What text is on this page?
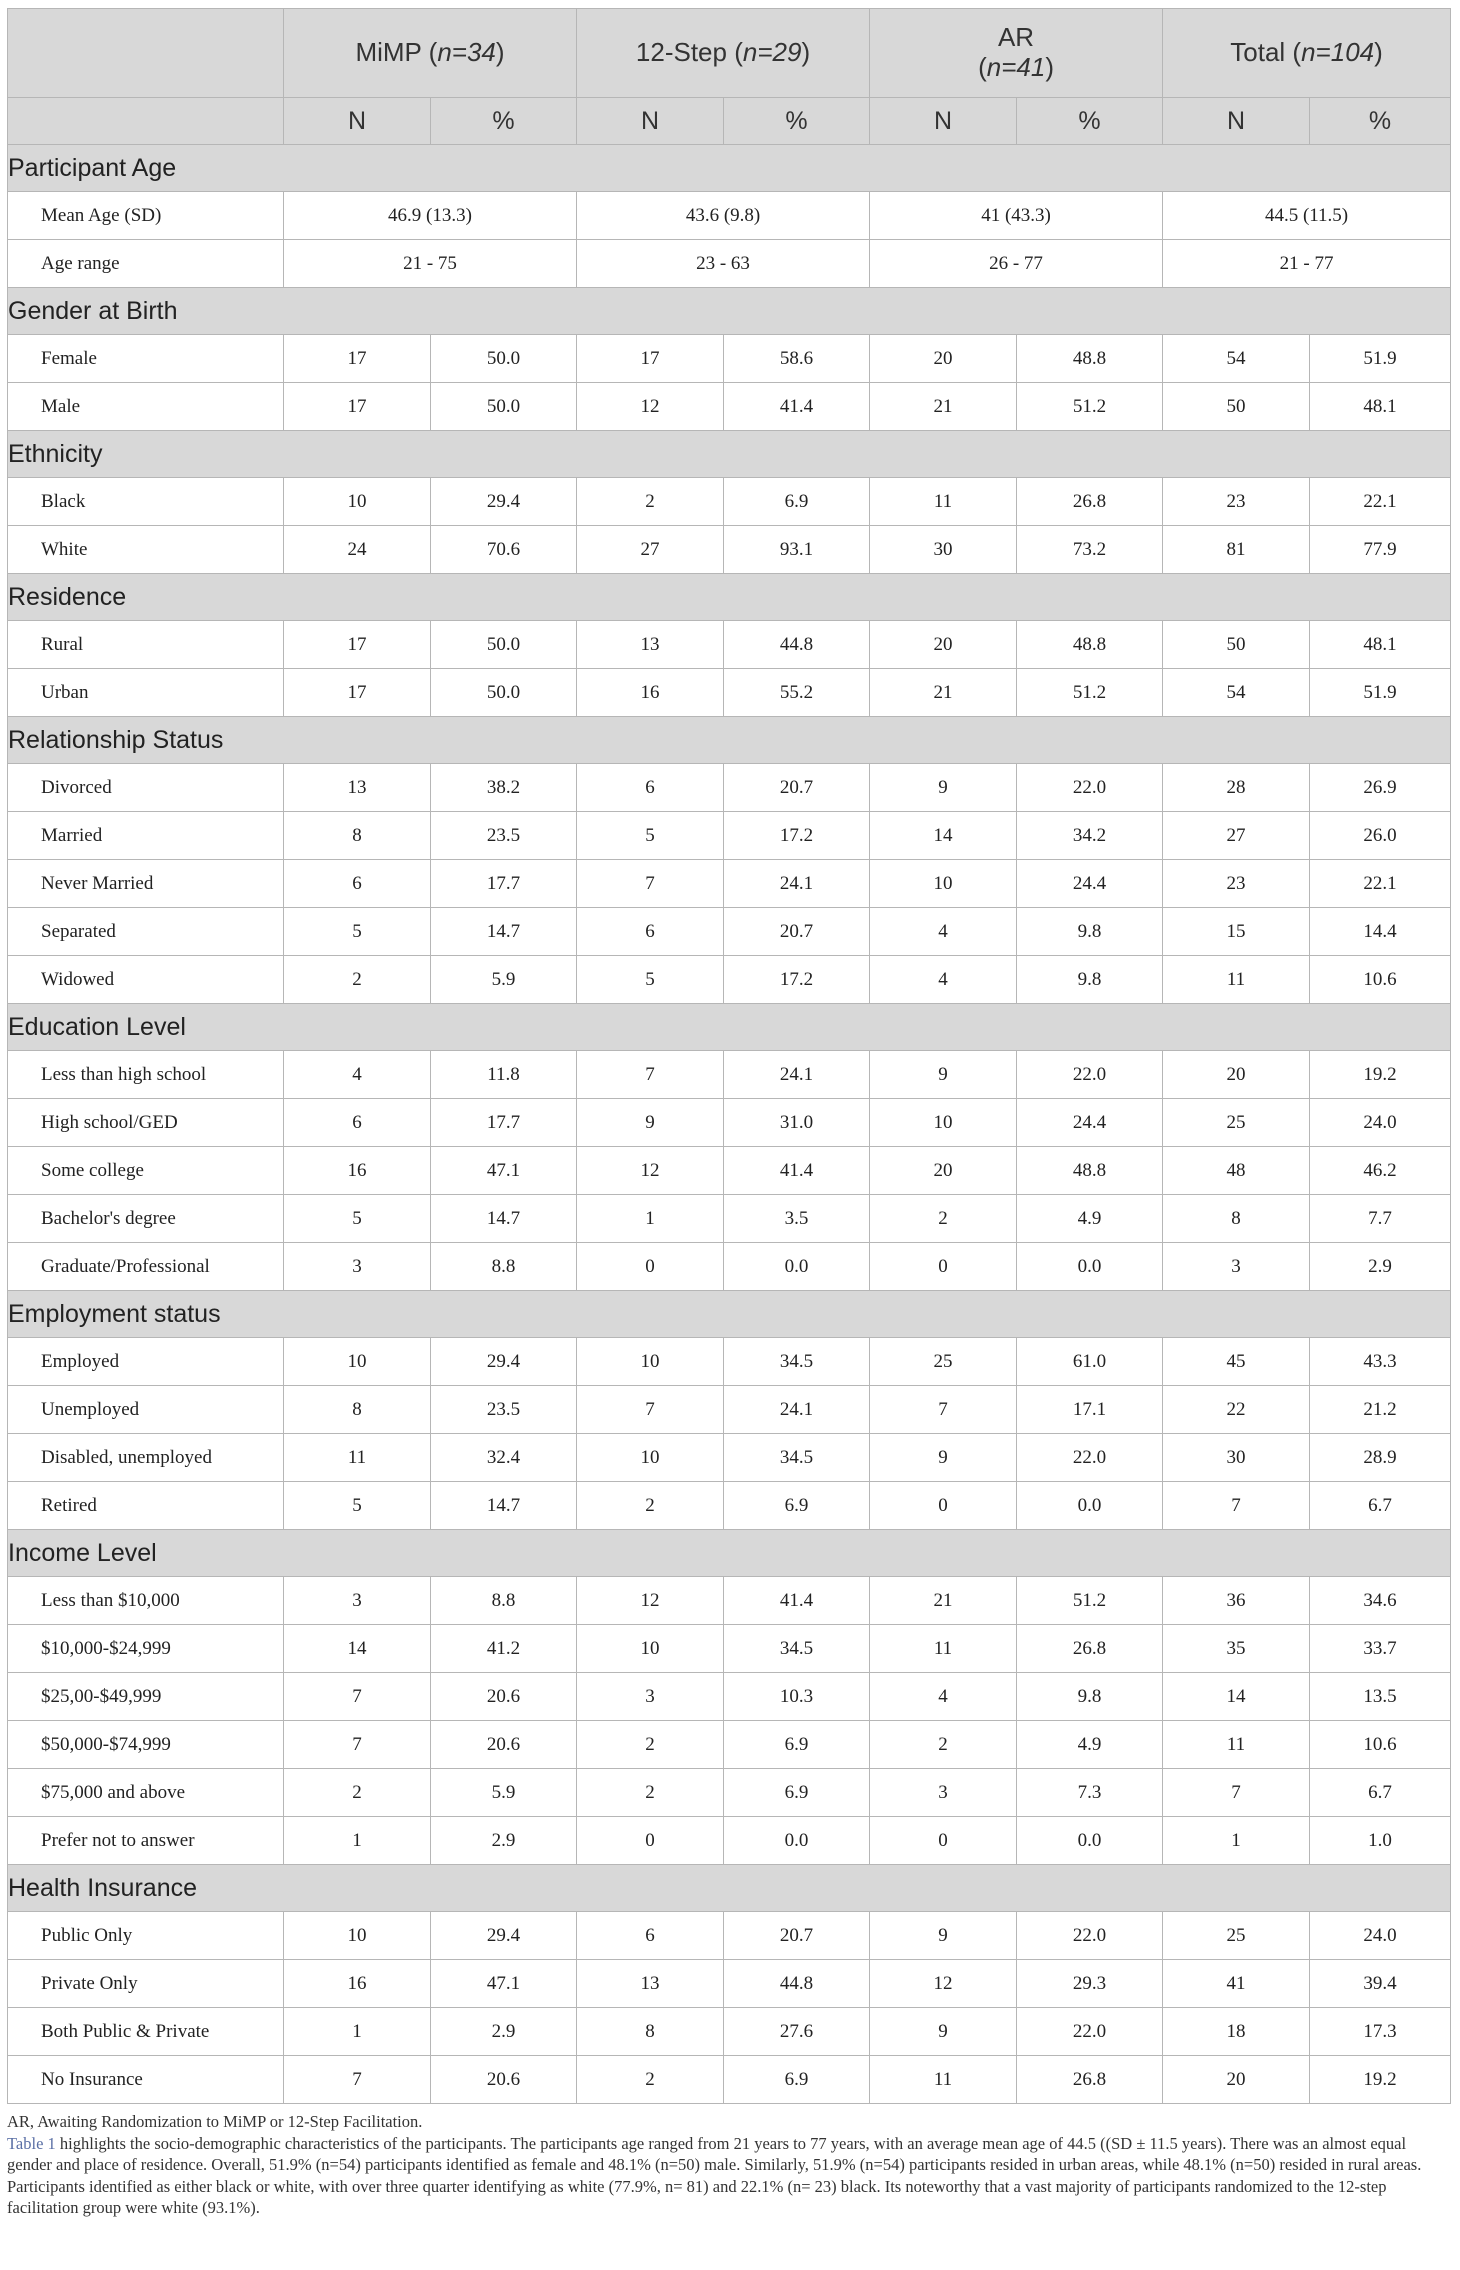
	MiMP (n=34)		12-Step (n=29)		AR
(n=41)		Total (n=104)	
	N	%	N	%	N	%	N	%
Participant Age								
Mean Age (SD)	46.9 (13.3)		43.6 (9.8)		41 (43.3)		44.5 (11.5)	
Age range	21 - 75		23 - 63		26 - 77		21 - 77	
Gender at Birth								
Female	17	50.0	17	58.6	20	48.8	54	51.9
Male	17	50.0	12	41.4	21	51.2	50	48.1
Ethnicity								
Black	10	29.4	2	6.9	11	26.8	23	22.1
White	24	70.6	27	93.1	30	73.2	81	77.9
Residence								
Rural	17	50.0	13	44.8	20	48.8	50	48.1
Urban	17	50.0	16	55.2	21	51.2	54	51.9
Relationship Status								
Divorced	13	38.2	6	20.7	9	22.0	28	26.9
Married	8	23.5	5	17.2	14	34.2	27	26.0
Never Married	6	17.7	7	24.1	10	24.4	23	22.1
Separated	5	14.7	6	20.7	4	9.8	15	14.4
Widowed	2	5.9	5	17.2	4	9.8	11	10.6
Education Level								
Less than high school	4	11.8	7	24.1	9	22.0	20	19.2
High school/GED	6	17.7	9	31.0	10	24.4	25	24.0
Some college	16	47.1	12	41.4	20	48.8	48	46.2
Bachelor's degree	5	14.7	1	3.5	2	4.9	8	7.7
Graduate/Professional	3	8.8	0	0.0	0	0.0	3	2.9
Employment status								
Employed	10	29.4	10	34.5	25	61.0	45	43.3
Unemployed	8	23.5	7	24.1	7	17.1	22	21.2
Disabled, unemployed	11	32.4	10	34.5	9	22.0	30	28.9
Retired	5	14.7	2	6.9	0	0.0	7	6.7
Income Level								
Less than $10,000	3	8.8	12	41.4	21	51.2	36	34.6
$10,000-$24,999	14	41.2	10	34.5	11	26.8	35	33.7
$25,00-$49,999	7	20.6	3	10.3	4	9.8	14	13.5
$50,000-$74,999	7	20.6	2	6.9	2	4.9	11	10.6
$75,000 and above	2	5.9	2	6.9	3	7.3	7	6.7
Prefer not to answer	1	2.9	0	0.0	0	0.0	1	1.0
Health Insurance								
Public Only	10	29.4	6	20.7	9	22.0	25	24.0
Private Only	16	47.1	13	44.8	12	29.3	41	39.4
Both Public & Private	1	2.9	8	27.6	9	22.0	18	17.3
No Insurance	7	20.6	2	6.9	11	26.8	20	19.2
AR, Awaiting Randomization to MiMP or 12-Step Facilitation.
Table 1 highlights the socio-demographic characteristics of the participants. The participants age ranged from 21 years to 77 years, with an average mean age of 44.5 ((SD ± 11.5 years). There was an almost equal gender and place of residence. Overall, 51.9% (n=54) participants identified as female and 48.1% (n=50) male. Similarly, 51.9% (n=54) participants resided in urban areas, while 48.1% (n=50) resided in rural areas. Participants identified as either black or white, with over three quarter identifying as white (77.9%, n= 81) and 22.1% (n= 23) black. Its noteworthy that a vast majority of participants randomized to the 12-step facilitation group were white (93.1%).
